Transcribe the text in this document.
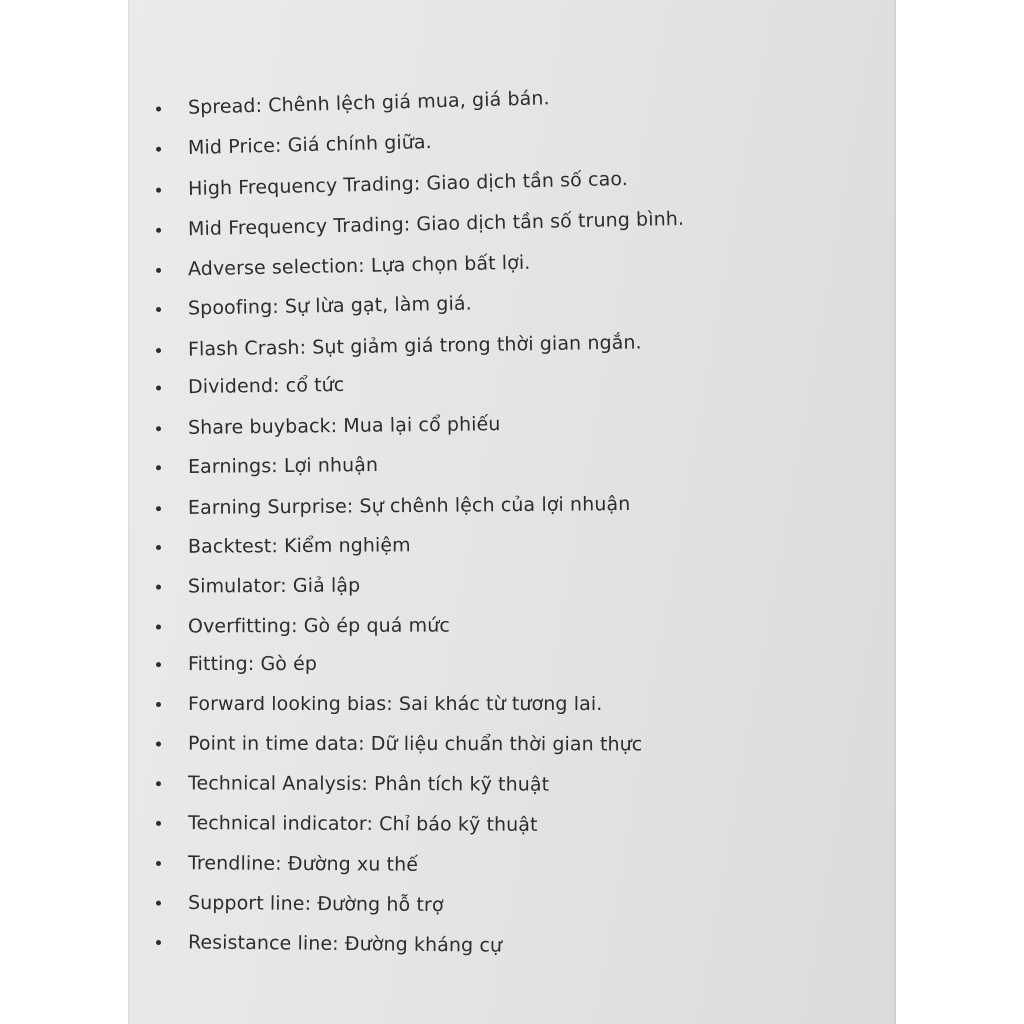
Spread: Chênh lệch giá mua, giá bán.
Mid Price: Giá chính giữa.
High Frequency Trading: Giao dịch tần số cao.
Mid Frequency Trading: Giao dịch tần số trung bình.
Adverse selection: Lựa chọn bất lợi.
Spoofing: Sự lừa gạt, làm giá.
Flash Crash: Sụt giảm giá trong thời gian ngắn.
Dividend: cổ tức
Share buyback: Mua lại cổ phiếu
Earnings: Lợi nhuận
Earning Surprise: Sự chênh lệch của lợi nhuận
Backtest: Kiểm nghiệm
Simulator: Giả lập
Overfitting: Gò ép quá mức
Fitting: Gò ép
Forward looking bias: Sai khác từ tương lai.
Point in time data: Dữ liệu chuẩn thời gian thực
Technical Analysis: Phân tích kỹ thuật
Technical indicator: Chỉ báo kỹ thuật
Trendline: Đường xu thế
Support line: Đường hỗ trợ
Resistance line: Đường kháng cự
